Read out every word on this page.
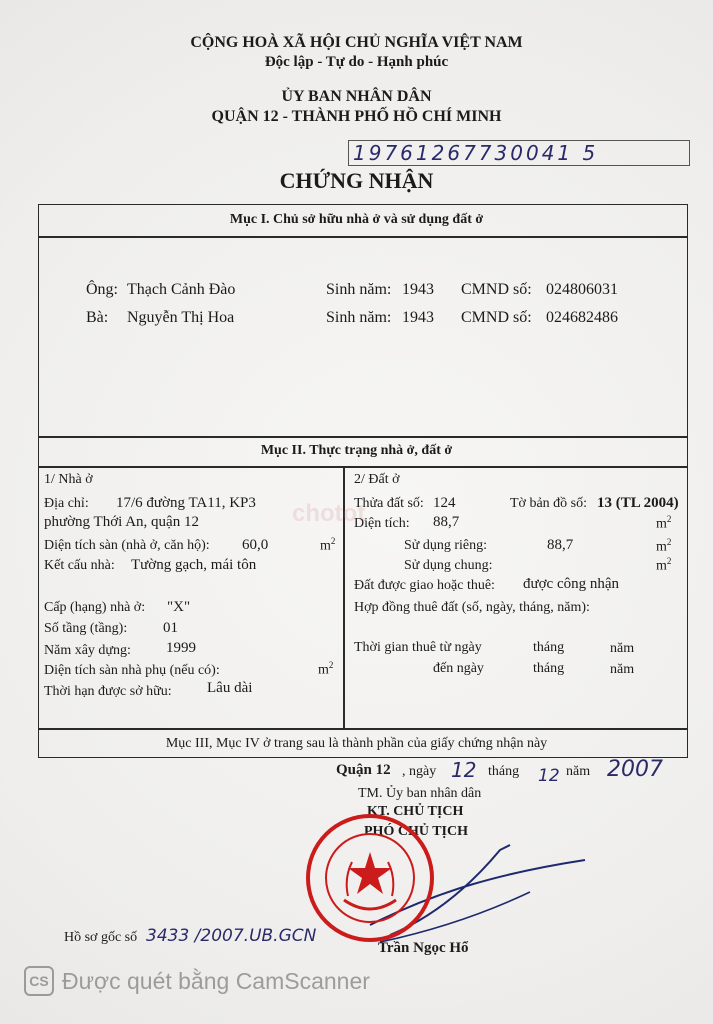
CỘNG HOÀ XÃ HỘI CHỦ NGHĨA VIỆT NAM
Độc lập - Tự do - Hạnh phúc
ỦY BAN NHÂN DÂN
QUẬN 12 - THÀNH PHỐ HỒ CHÍ MINH
19761267730041 5
CHỨNG NHẬN
Mục I. Chủ sở hữu nhà ở và sử dụng đất ở
Ông: Thạch Cảnh Đào	Sinh năm: 1943 CMND số: 024806031
Bà: Nguyễn Thị Hoa	Sinh năm: 1943 CMND số: 024682486
Mục II. Thực trạng nhà ở, đất ở
1/ Nhà ở
Địa chỉ: 17/6 đường TA11, KP3
phường Thới An, quận 12
Diện tích sàn (nhà ở, căn hộ): 60,0	$m^2$
Kết cấu nhà: Tường gạch, mái tôn
Cấp (hạng) nhà ở: "X"
Số tầng (tầng): 01
Năm xây dựng: 1999
Diện tích sàn nhà phụ (nếu có):	$m^2$
Thời hạn được sở hữu: Lâu dài
2/ Đất ở
Thửa đất số: 124	Tờ bản đồ số: 13 (TL 2004)
Diện tích: 88,7	$m^2$
Sử dụng riêng:	88,7	$m^2$
Sử dụng chung:	$m^2$
Đất được giao hoặc thuê: được công nhận
Hợp đồng thuê đất (số, ngày, tháng, năm):
Thời gian thuê từ ngày	tháng	năm
đến ngày	tháng	năm
Mục III, Mục IV ở trang sau là thành phần của giấy chứng nhận này
Quận 12 , ngày 12 tháng 12 năm 2007
TM. Ủy ban nhân dân
KT. CHỦ TỊCH
PHÓ CHỦ TỊCH
Trần Ngọc Hổ
Hồ sơ gốc số 3433 /2007.UB.GCN
chotot
CS Được quét bằng CamScanner
